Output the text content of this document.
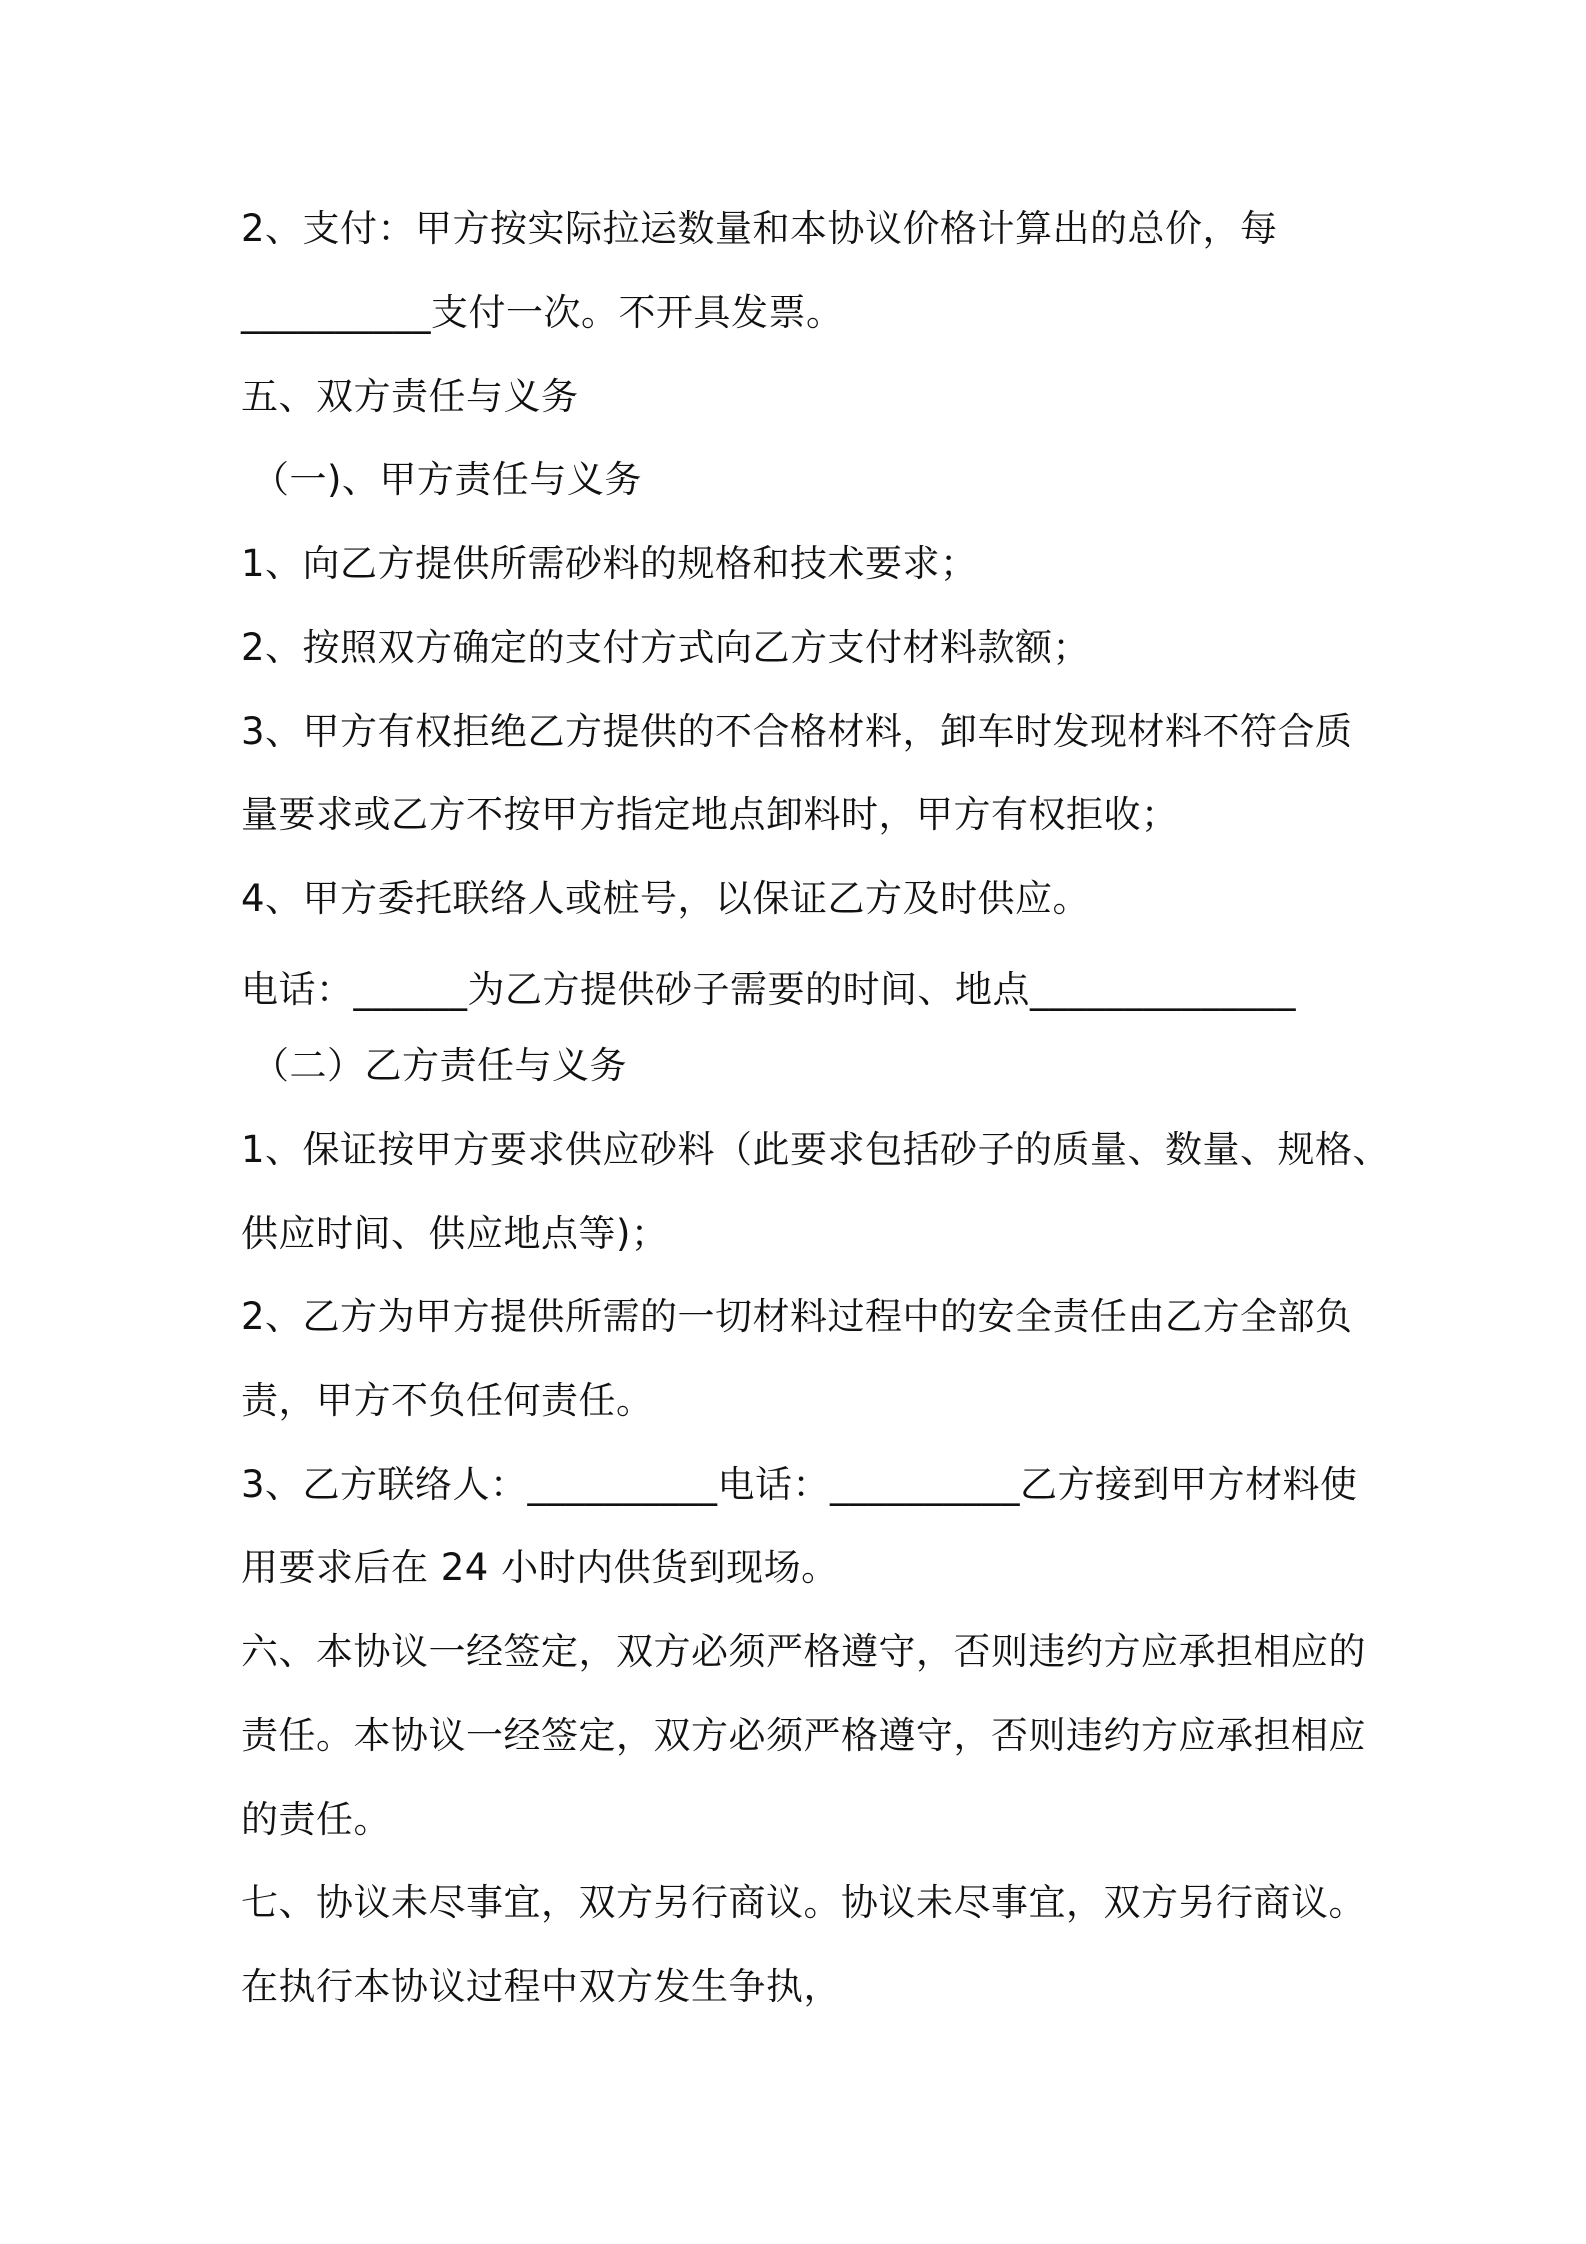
2、支付：甲方按实际拉运数量和本协议价格计算出的总价，每
__________支付一次。不开具发票。
五、双方责任与义务
（一)、甲方责任与义务
1、向乙方提供所需砂料的规格和技术要求；
2、按照双方确定的支付方式向乙方支付材料款额；
3、甲方有权拒绝乙方提供的不合格材料，卸车时发现材料不符合质
量要求或乙方不按甲方指定地点卸料时，甲方有权拒收；
4、甲方委托联络人或桩号，以保证乙方及时供应。
电话：______为乙方提供砂子需要的时间、地点______________
（二）乙方责任与义务
1、保证按甲方要求供应砂料（此要求包括砂子的质量、数量、规格、
供应时间、供应地点等)；
2、乙方为甲方提供所需的一切材料过程中的安全责任由乙方全部负
责，甲方不负任何责任。
3、乙方联络人：__________电话：__________乙方接到甲方材料使
用要求后在 24 小时内供货到现场。
六、本协议一经签定，双方必须严格遵守，否则违约方应承担相应的
责任。本协议一经签定，双方必须严格遵守，否则违约方应承担相应
的责任。
七、协议未尽事宜，双方另行商议。协议未尽事宜，双方另行商议。
在执行本协议过程中双方发生争执，
